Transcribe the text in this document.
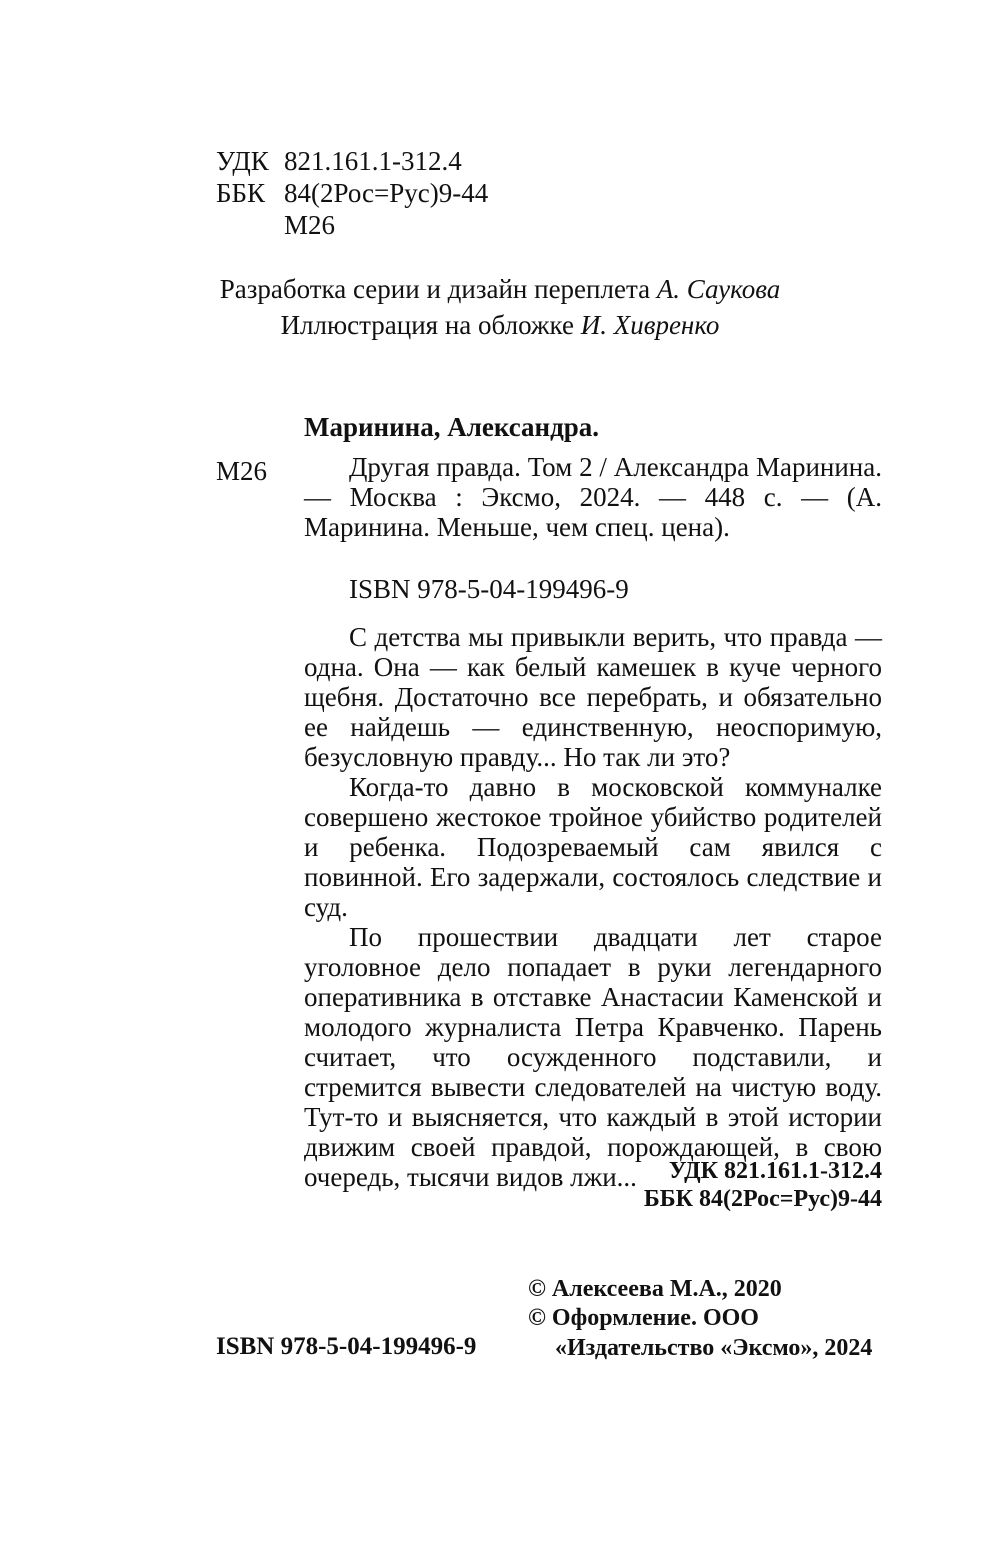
УДК 821.161.1-312.4
ББК 84(2Рос=Рус)9-44
М26
Разработка серии и дизайн переплета А. Саукова
Иллюстрация на обложке И. Хивренко
Маринина, Александра.
М26	Другая правда. Том 2 / Александра Маринина. — Москва : Эксмо, 2024. — 448 с. — (А. Маринина. Меньше, чем спец. цена).

ISBN 978-5-04-199496-9

С детства мы привыкли верить, что правда — одна. Она — как белый камешек в куче черного щебня. Достаточно все перебрать, и обязательно ее найдешь — единственную, неоспоримую, безусловную правду... Но так ли это?

Когда-то давно в московской коммуналке совершено жестокое тройное убийство родителей и ребенка. Подозреваемый сам явился с повинной. Его задержали, состоялось следствие и суд.

По прошествии двадцати лет старое уголовное дело попадает в руки легендарного оперативника в отставке Анастасии Каменской и молодого журналиста Петра Кравченко. Парень считает, что осужденного подставили, и стремится вывести следователей на чистую воду. Тут-то и выясняется, что каждый в этой истории движим своей правдой, порождающей, в свою очередь, тысячи видов лжи...	УДК 821.161.1-312.4
ББК 84(2Рос=Рус)9-44
© Алексеева М.А., 2020
© Оформление. ООО
«Издательство «Эксмо», 2024
ISBN 978-5-04-199496-9
